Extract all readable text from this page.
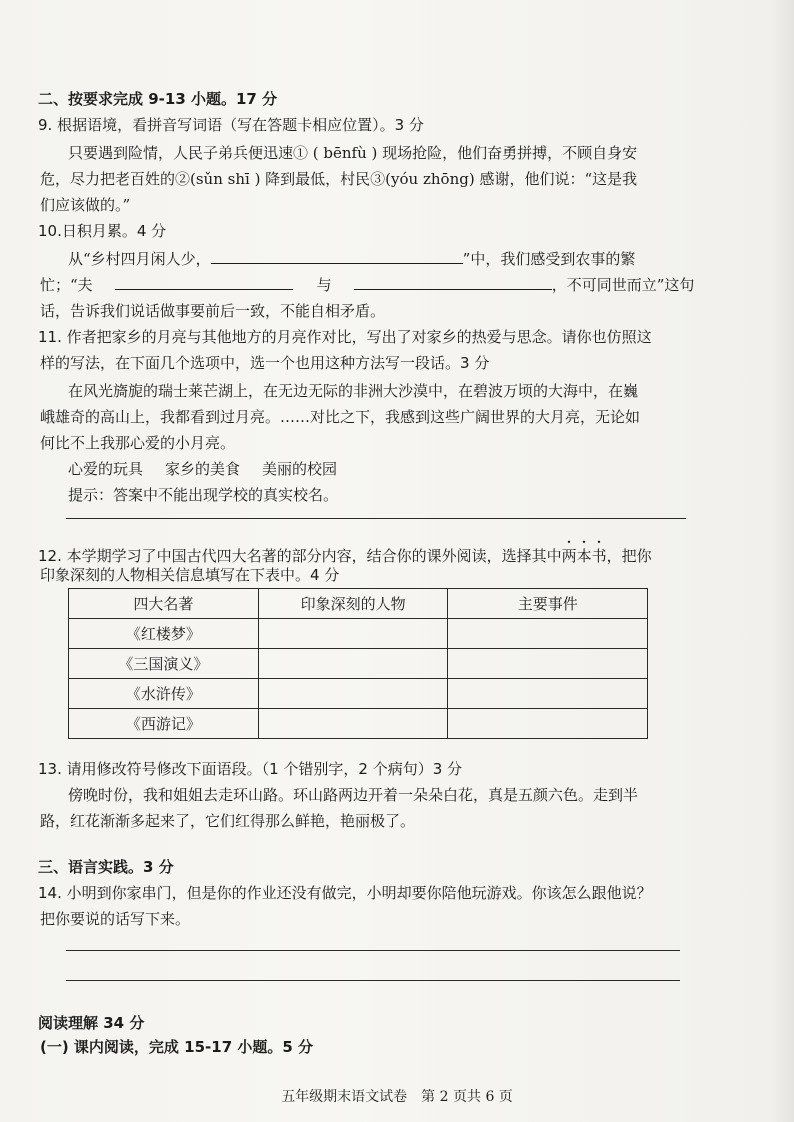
二、按要求完成 9-13 小题。17 分
9. 根据语境，看拼音写词语（写在答题卡相应位置）。3 分
只要遇到险情，人民子弟兵便迅速① ( bēnfù ) 现场抢险，他们奋勇拼搏，不顾自身安
危，尽力把老百姓的②(sǔn shī ) 降到最低，村民③(yóu zhōng) 感谢，他们说：“这是我
们应该做的。”
10.日积月累。4 分
从“乡村四月闲人少，	”中，我们感受到农事的繁
忙；“夫	与	，不可同世而立”这句
话，告诉我们说话做事要前后一致，不能自相矛盾。
11. 作者把家乡的月亮与其他地方的月亮作对比，写出了对家乡的热爱与思念。请你也仿照这
样的写法，在下面几个选项中，选一个也用这种方法写一段话。3 分
在风光旖旎的瑞士莱芒湖上，在无边无际的非洲大沙漠中，在碧波万顷的大海中，在巍
峨雄奇的高山上，我都看到过月亮。……对比之下，我感到这些广阔世界的大月亮，无论如
何比不上我那心爱的小月亮。
心爱的玩具 家乡的美食 美丽的校园
提示：答案中不能出现学校的真实校名。
12. 本学期学习了中国古代四大名著的部分内容，结合你的课外阅读，选择其中两本书，把你
印象深刻的人物相关信息填写在下表中。4 分
四大名著	印象深刻的人物	主要事件
《红楼梦》		
《三国演义》		
《水浒传》		
《西游记》		
13. 请用修改符号修改下面语段。（1 个错别字，2 个病句）3 分
傍晚时份，我和姐姐去走环山路。环山路两边开着一朵朵白花，真是五颜六色。走到半
路，红花渐渐多起来了，它们红得那么鲜艳，艳丽极了。
三、语言实践。3 分
14. 小明到你家串门，但是你的作业还没有做完，小明却要你陪他玩游戏。你该怎么跟他说？
把你要说的话写下来。
阅读理解 34 分
(一) 课内阅读，完成 15-17 小题。5 分
五年级期末语文试卷　第 2 页共 6 页
